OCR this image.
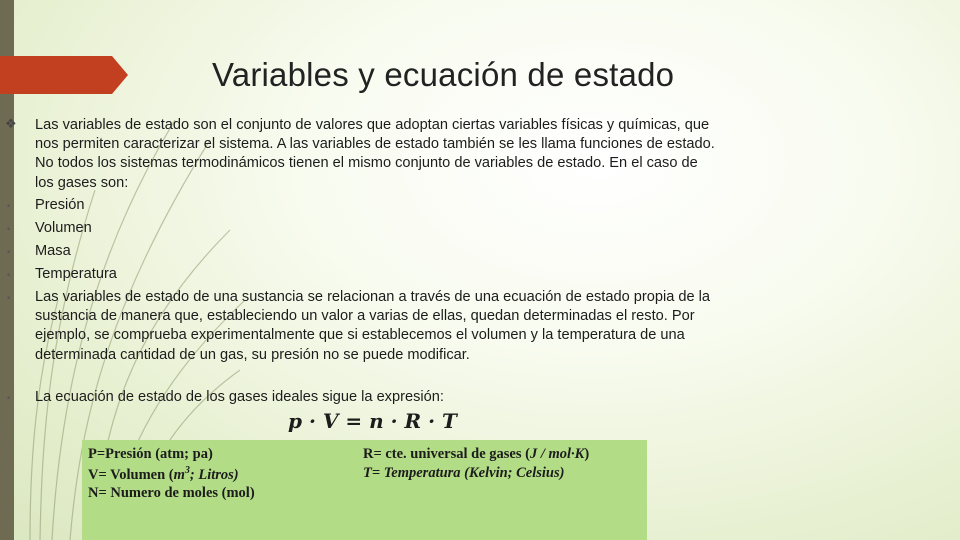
Variables y ecuación de estado
❖ Las variables de estado son el conjunto de valores que adoptan ciertas variables físicas y químicas, que nos permiten caracterizar el sistema. A las variables de estado también se les llama funciones de estado. No todos los sistemas termodinámicos tienen el mismo conjunto de variables de estado. En el caso de los gases son:

• Presión

• Volumen

• Masa

• Temperatura

• Las variables de estado de una sustancia se relacionan a través de una ecuación de estado propia de la sustancia de manera que, estableciendo un valor a varias de ellas, quedan determinadas el resto. Por ejemplo, se comprueba experimentalmente que si establecemos el volumen y la temperatura de una determinada cantidad de un gas, su presión no se puede modificar.

• La ecuación de estado de los gases ideales sigue la expresión:

p · V = n · R · T

P=Presión (atm; pa)
V= Volumen ($m^3$; Litros)
N= Numero de moles (mol)
R= cte. universal de gases (J / mol·K)
T= Temperatura (Kelvin; Celsius)
